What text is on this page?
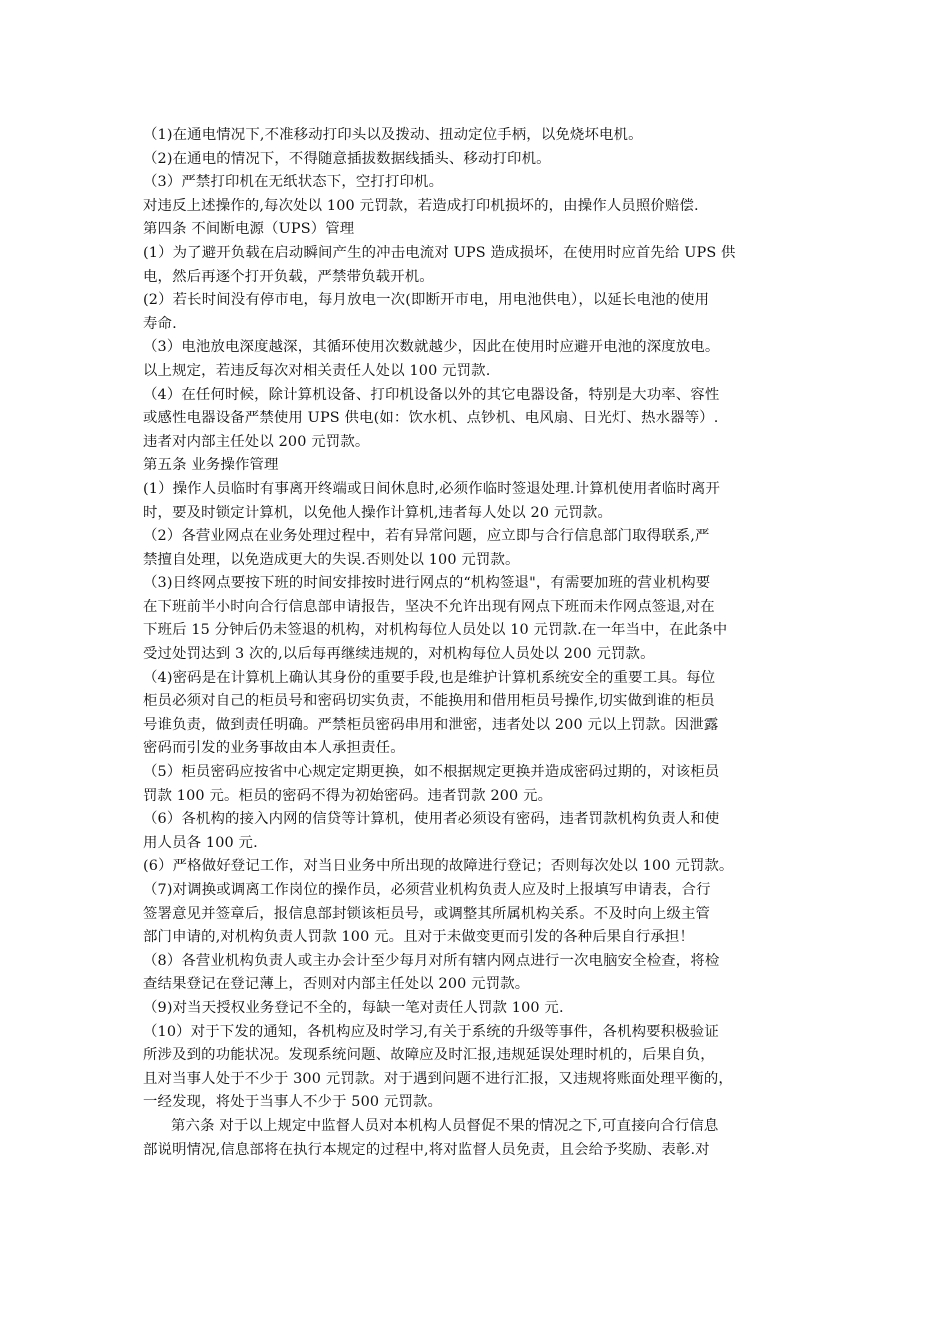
（1)在通电情况下,不准移动打印头以及拨动、扭动定位手柄，以免烧坏电机。
（2)在通电的情况下，不得随意插拔数据线插头、移动打印机。
（3）严禁打印机在无纸状态下，空打打印机。
对违反上述操作的,每次处以 100 元罚款，若造成打印机损坏的，由操作人员照价赔偿.
第四条 不间断电源（UPS）管理
(1）为了避开负载在启动瞬间产生的冲击电流对 UPS 造成损坏，在使用时应首先给 UPS 供
电，然后再逐个打开负载，严禁带负载开机。
(2）若长时间没有停市电，每月放电一次(即断开市电，用电池供电），以延长电池的使用
寿命.
（3）电池放电深度越深，其循环使用次数就越少，因此在使用时应避开电池的深度放电。
以上规定，若违反每次对相关责任人处以 100 元罚款.
（4）在任何时候，除计算机设备、打印机设备以外的其它电器设备，特别是大功率、容性
或感性电器设备严禁使用 UPS 供电(如：饮水机、点钞机、电风扇、日光灯、热水器等）.
违者对内部主任处以 200 元罚款。
第五条 业务操作管理
(1）操作人员临时有事离开终端或日间休息时,必须作临时签退处理.计算机使用者临时离开
时，要及时锁定计算机，以免他人操作计算机,违者每人处以 20 元罚款。
（2）各营业网点在业务处理过程中，若有异常问题，应立即与合行信息部门取得联系,严
禁擅自处理，以免造成更大的失误.否则处以 100 元罚款。
（3)日终网点要按下班的时间安排按时进行网点的“机构签退"，有需要加班的营业机构要
在下班前半小时向合行信息部申请报告，坚决不允许出现有网点下班而未作网点签退,对在
下班后 15 分钟后仍未签退的机构，对机构每位人员处以 10 元罚款.在一年当中，在此条中
受过处罚达到 3 次的,以后每再继续违规的，对机构每位人员处以 200 元罚款。
（4)密码是在计算机上确认其身份的重要手段,也是维护计算机系统安全的重要工具。每位
柜员必须对自己的柜员号和密码切实负责，不能换用和借用柜员号操作,切实做到谁的柜员
号谁负责，做到责任明确。严禁柜员密码串用和泄密，违者处以 200 元以上罚款。因泄露
密码而引发的业务事故由本人承担责任。
（5）柜员密码应按省中心规定定期更换，如不根据规定更换并造成密码过期的，对该柜员
罚款 100 元。柜员的密码不得为初始密码。违者罚款 200 元。
（6）各机构的接入内网的信贷等计算机，使用者必须设有密码，违者罚款机构负责人和使
用人员各 100 元.
(6）严格做好登记工作，对当日业务中所出现的故障进行登记；否则每次处以 100 元罚款。
（7)对调换或调离工作岗位的操作员，必须营业机构负责人应及时上报填写申请表，合行
签署意见并签章后，报信息部封锁该柜员号，或调整其所属机构关系。不及时向上级主管
部门申请的,对机构负责人罚款 100 元。且对于未做变更而引发的各种后果自行承担！
（8）各营业机构负责人或主办会计至少每月对所有辖内网点进行一次电脑安全检查，将检
查结果登记在登记薄上，否则对内部主任处以 200 元罚款。
（9)对当天授权业务登记不全的，每缺一笔对责任人罚款 100 元.
（10）对于下发的通知，各机构应及时学习,有关于系统的升级等事件，各机构要积极验证
所涉及到的功能状况。发现系统问题、故障应及时汇报,违规延误处理时机的，后果自负，
且对当事人处于不少于 300 元罚款。对于遇到问题不进行汇报，又违规将账面处理平衡的，
一经发现，将处于当事人不少于 500 元罚款。
第六条 对于以上规定中监督人员对本机构人员督促不果的情况之下,可直接向合行信息
部说明情况,信息部将在执行本规定的过程中,将对监督人员免责，且会给予奖励、表彰.对
